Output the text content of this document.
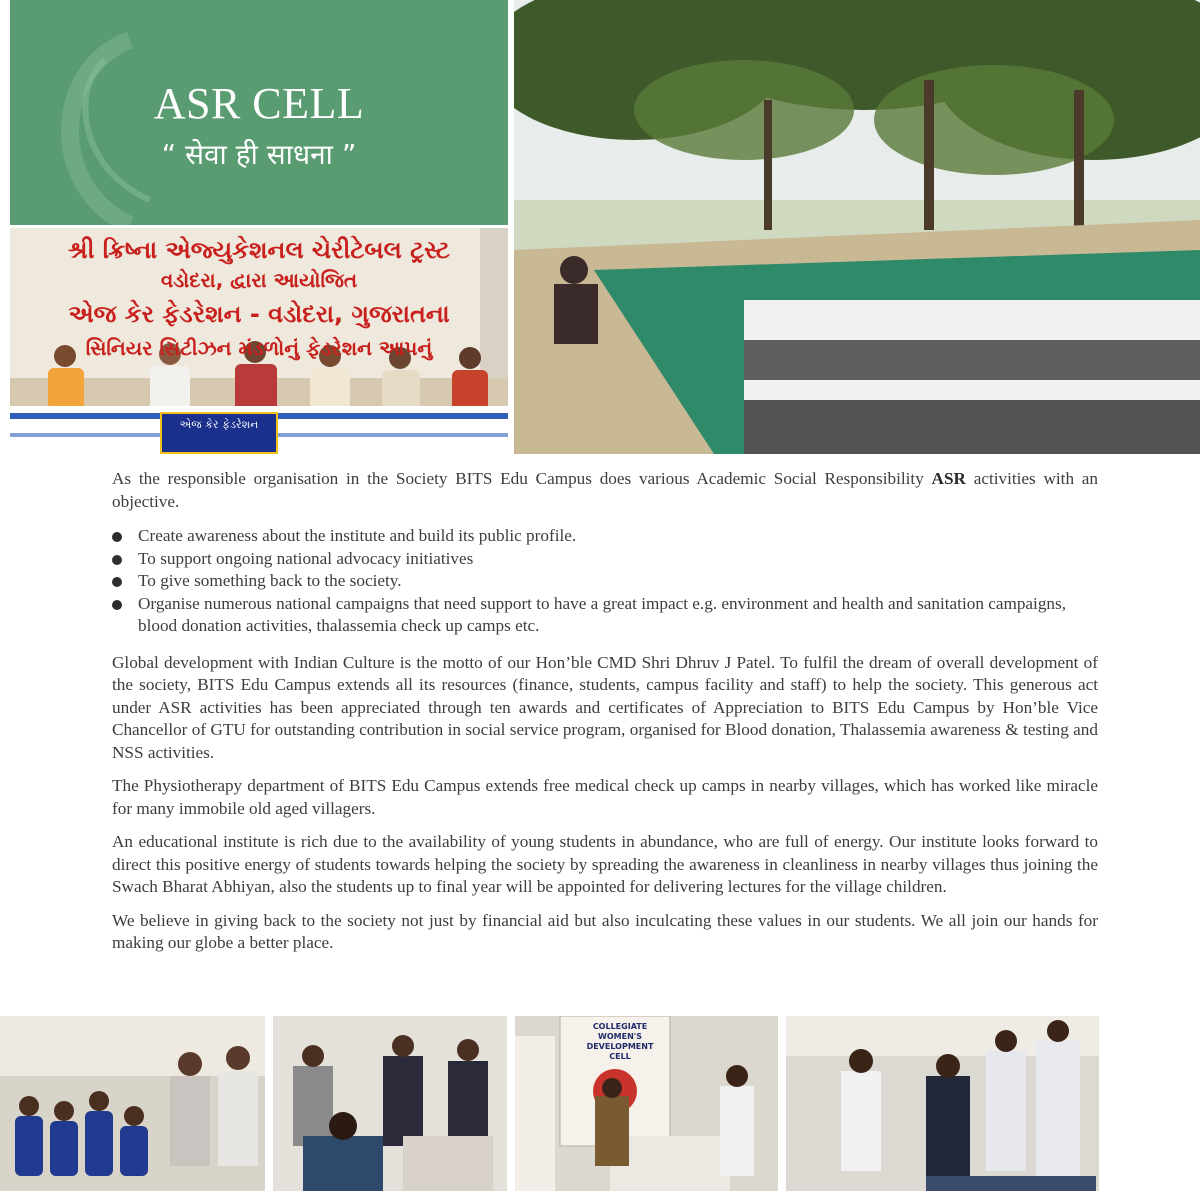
ASR CELL
“ सेवा ही साधना ”
શ્રી ક્રિષ્ના એજ્યુકેશનલ ચેરીટેબલ ટ્રસ્ટ
વડોદરા, દ્વારા આયોજિત
એજ કેર ફેડરેશન - વડોદરા, ગુજરાતના
સિનિયર સિટીઝન મંડળોનું ફેડરેશન આપનું
એજ કેર ફેડરેશન

As the responsible organisation in the Society BITS Edu Campus does various Academic Social Responsibility ASR activities with an objective.

Create awareness about the institute and build its public profile.
To support ongoing national advocacy initiatives
To give something back to the society.
Organise numerous national campaigns that need support to have a great impact e.g. environment and health and sanitation campaigns, blood donation activities, thalassemia check up camps etc.

Global development with Indian Culture is the motto of our Hon’ble CMD Shri Dhruv J Patel. To fulfil the dream of overall development of the society, BITS Edu Campus extends all its resources (finance, students, campus facility and staff) to help the society. This generous act under ASR activities has been appreciated through ten awards and certificates of Appreciation to BITS Edu Campus by Hon’ble Vice Chancellor of GTU for outstanding contribution in social service program, organised for Blood donation, Thalassemia awareness & testing and NSS activities.

The Physiotherapy department of BITS Edu Campus extends free medical check up camps in nearby villages, which has worked like miracle for many immobile old aged villagers.

An educational institute is rich due to the availability of young students in abundance, who are full of energy. Our institute looks forward to direct this positive energy of students towards helping the society by spreading the awareness in cleanliness in nearby villages thus joining the Swach Bharat Abhiyan, also the students up to final year will be appointed for delivering lectures for the village children.

We believe in giving back to the society not just by financial aid but also inculcating these values in our students. We all join our hands for making our globe a better place.

COLLEGIATE WOMEN'S DEVELOPMENT CELL
